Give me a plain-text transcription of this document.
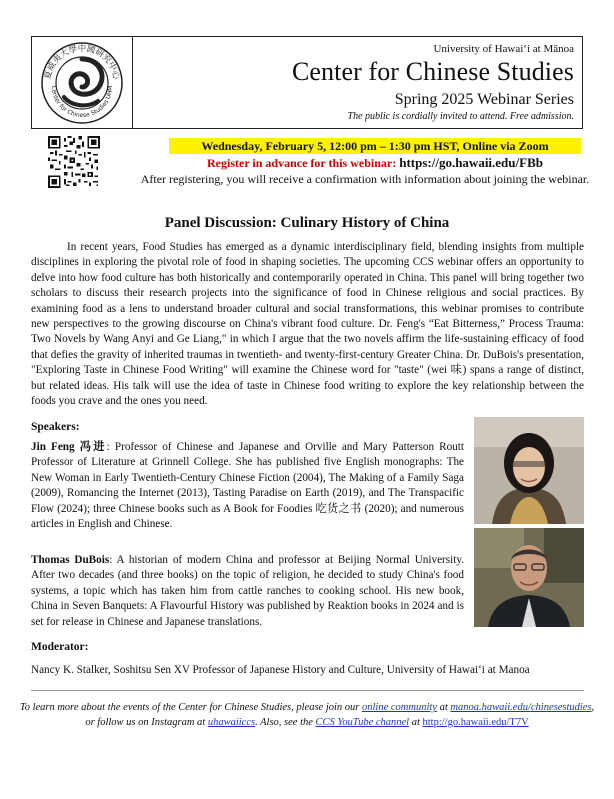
夏威夷大學中國研究中心
Center for Chinese Studies UHM
University of Hawaiʻi at Mānoa
Center for Chinese Studies
Spring 2025 Webinar Series
The public is cordially invited to attend. Free admission.
Wednesday, February 5, 12:00 pm – 1:30 pm HST, Online via Zoom
Register in advance for this webinar: https://go.hawaii.edu/FBb
After registering, you will receive a confirmation with information about joining the webinar.
Panel Discussion: Culinary History of China

In recent years, Food Studies has emerged as a dynamic interdisciplinary field, blending insights from multiple disciplines in exploring the pivotal role of food in shaping societies. The upcoming CCS webinar offers an opportunity to delve into how food culture has both historically and contemporarily operated in China. This panel will bring together two scholars to discuss their research projects into the significance of food in Chinese religious and social practices. By examining food as a lens to understand broader cultural and social transformations, this webinar promises to contribute new perspectives to the growing discourse on China's vibrant food culture. Dr. Feng's “Eat Bitterness,” Process Trauma: Two Novels by Wang Anyi and Ge Liang," in which I argue that the two novels affirm the life-sustaining efficacy of food that defies the gravity of inherited traumas in twentieth- and twenty-first-century Greater China. Dr. DuBois's presentation, "Exploring Taste in Chinese Food Writing" will examine the Chinese word for "taste" (wei 味) spans a range of distinct, but related ideas. His talk will use the idea of taste in Chinese food writing to explore the key relationship between the foods you crave and the ones you need.

Speakers:

Jin Feng 冯进: Professor of Chinese and Japanese and Orville and Mary Patterson Routt Professor of Literature at Grinnell College. She has published five English monographs: The New Woman in Early Twentieth-Century Chinese Fiction (2004), The Making of a Family Saga (2009), Romancing the Internet (2013), Tasting Paradise on Earth (2019), and The Transpacific Flow (2024); three Chinese books such as A Book for Foodies 吃货之书 (2020); and numerous articles in English and Chinese.

Thomas DuBois: A historian of modern China and professor at Beijing Normal University. After two decades (and three books) on the topic of religion, he decided to study China's food systems, a topic which has taken him from cattle ranches to cooking school. His new book, China in Seven Banquets: A Flavourful History was published by Reaktion books in 2024 and is set for release in Chinese and Japanese translations.

Moderator:
Nancy K. Stalker, Soshitsu Sen XV Professor of Japanese History and Culture, University of Hawaiʻi at Manoa
To learn more about the events of the Center for Chinese Studies, please join our online community at manoa.hawaii.edu/chinesestudies,
or follow us on Instagram at uhawaiiccs. Also, see the CCS YouTube channel at http://go.hawaii.edu/T7V
